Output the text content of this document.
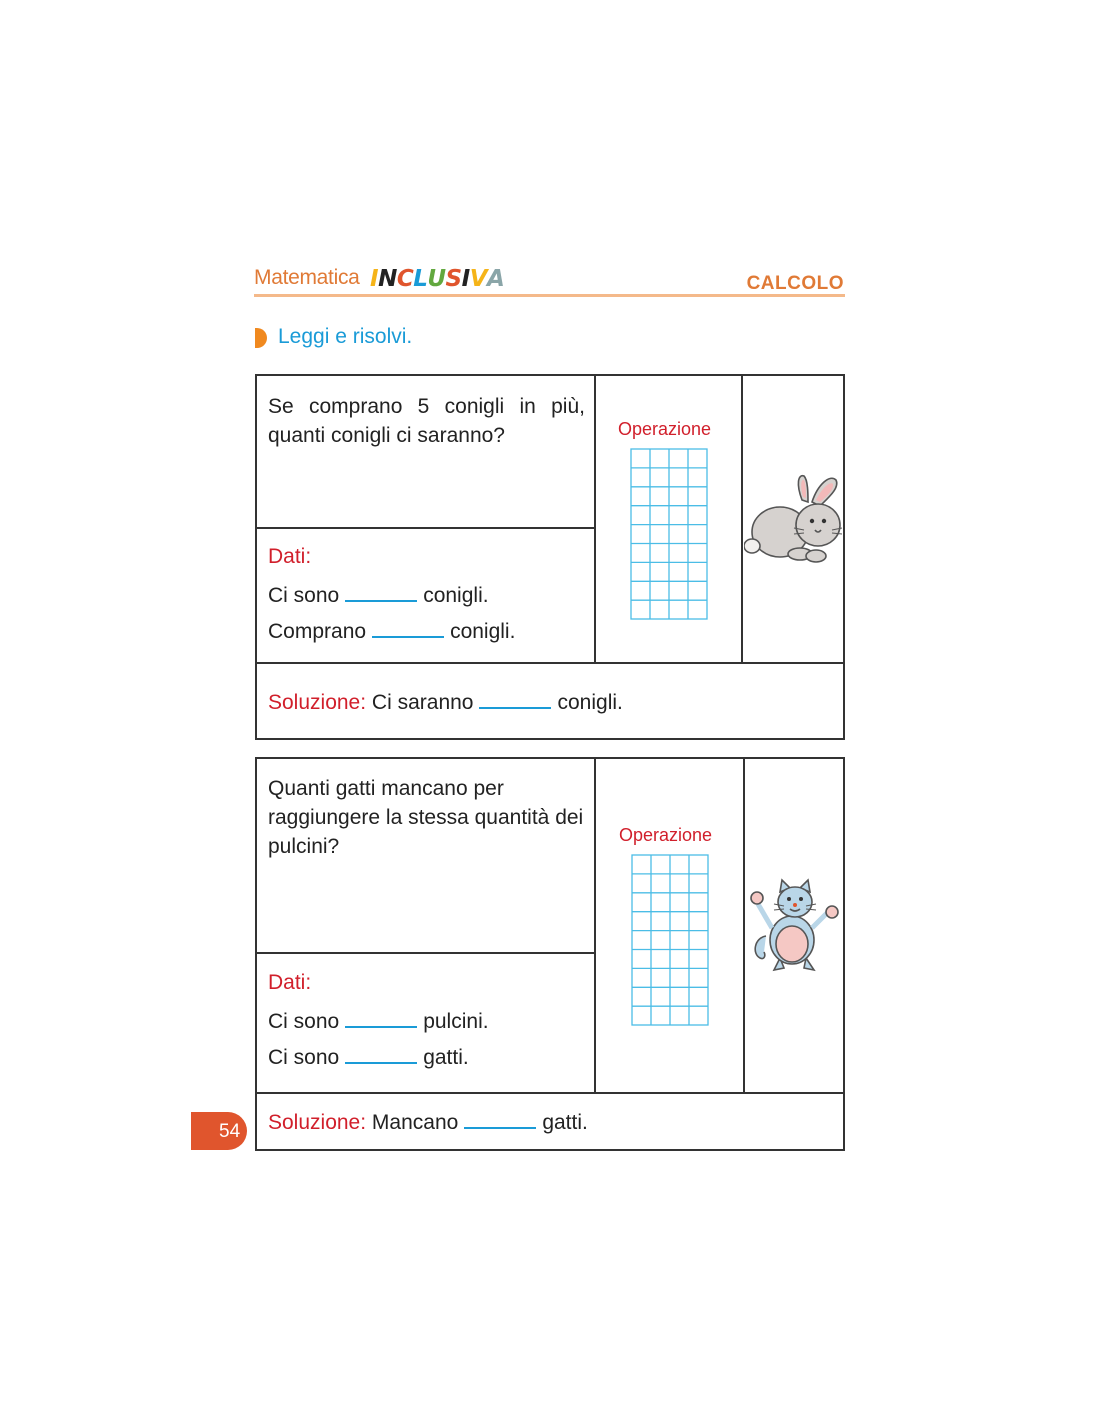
Matematica INCLUSIVA	CALCOLO
Leggi e risolvi.
Se comprano 5 conigli in più, quanti conigli ci saranno?
Dati:
Ci sono	conigli.
Comprano	conigli.
Operazione
Soluzione: Ci saranno	conigli.
Quanti gatti mancano per raggiungere la stessa quantità dei pulcini?
Dati:
Ci sono	pulcini.
Ci sono	gatti.
Operazione
Soluzione: Mancano	gatti.
54
